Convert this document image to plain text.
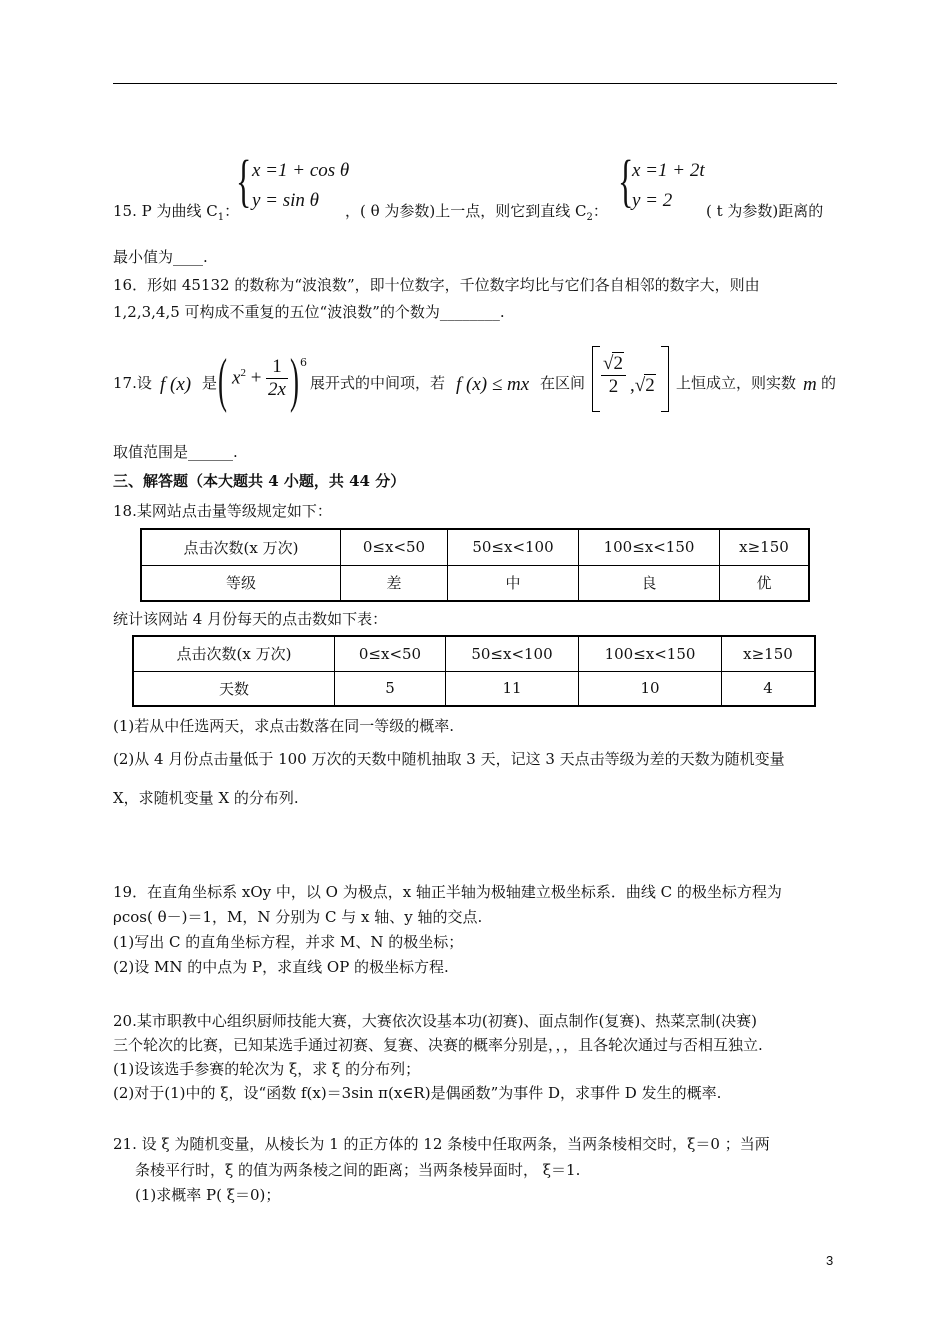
15. P 为曲线 $C_1$：
{ x =1 + cos θ
y = sin θ ，( θ 为参数)上一点，则它到直线 $C_2$： {
x =1 + 2t
y = 2 ( t 为参数)距离的
最小值为____.
16．形如 45132 的数称为“波浪数”，即十位数字，千位数字均比与它们各自相邻的数字大，则由
1,2,3,4,5 可构成不重复的五位“波浪数”的个数为________.
17.设 f (x) 是 ( $x^2 + \frac{1}{2x}$ ) 6
展开式的中间项，若 f (x) ≤ mx 在区间 $\frac{√2}{2} ,√2$ 上恒成立，则实数 m 的
取值范围是______.
三、解答题（本大题共 4 小题，共 44 分）
18.某网站点击量等级规定如下：
点击次数(x 万次)	0≤x<50	50≤x<100	100≤x<150	x≥150
等级	差	中	良	优
统计该网站 4 月份每天的点击数如下表：
点击次数(x 万次)	0≤x<50	50≤x<100	100≤x<150	x≥150
天数	5	11	10	4
(1)若从中任选两天，求点击数落在同一等级的概率.
(2)从 4 月份点击量低于 100 万次的天数中随机抽取 3 天，记这 3 天点击等级为差的天数为随机变量
X，求随机变量 X 的分布列.
19．在直角坐标系 xOy 中，以 O 为极点，x 轴正半轴为极轴建立极坐标系．曲线 C 的极坐标方程为
ρcos( θ－)＝1，M，N 分别为 C 与 x 轴、y 轴的交点.
(1)写出 C 的直角坐标方程，并求 M、N 的极坐标；
(2)设 MN 的中点为 P，求直线 OP 的极坐标方程.
20.某市职教中心组织厨师技能大赛，大赛依次设基本功(初赛)、面点制作(复赛)、热菜烹制(决赛)
三个轮次的比赛，已知某选手通过初赛、复赛、决赛的概率分别是，，，且各轮次通过与否相互独立.
(1)设该选手参赛的轮次为 ξ，求 ξ 的分布列；
(2)对于(1)中的 ξ，设“函数 f(x)＝3sin π(x∈R)是偶函数”为事件 D，求事件 D 发生的概率.
21. 设 ξ 为随机变量，从棱长为 1 的正方体的 12 条棱中任取两条，当两条棱相交时，ξ＝0 ；当两
条棱平行时，ξ 的值为两条棱之间的距离；当两条棱异面时， ξ＝1.
(1)求概率 P( ξ＝0)；
3
